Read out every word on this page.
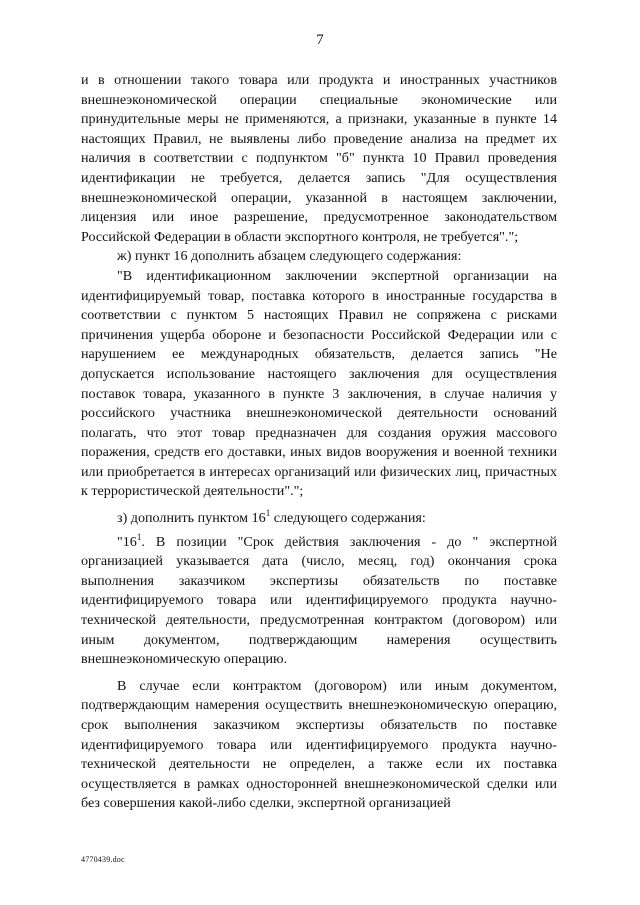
7

и в отношении такого товара или продукта и иностранных участников внешнеэкономической операции специальные экономические или принудительные меры не применяются, а признаки, указанные в пункте 14 настоящих Правил, не выявлены либо проведение анализа на предмет их наличия в соответствии с подпунктом "б" пункта 10 Правил проведения идентификации не требуется, делается запись "Для осуществления внешнеэкономической операции, указанной в настоящем заключении, лицензия или иное разрешение, предусмотренное законодательством Российской Федерации в области экспортного контроля, не требуется".";

ж) пункт 16 дополнить абзацем следующего содержания:

"В идентификационном заключении экспертной организации на идентифицируемый товар, поставка которого в иностранные государства в соответствии с пунктом 5 настоящих Правил не сопряжена с рисками причинения ущерба обороне и безопасности Российской Федерации или с нарушением ее международных обязательств, делается запись "Не допускается использование настоящего заключения для осуществления поставок товара, указанного в пункте 3 заключения, в случае наличия у российского участника внешнеэкономической деятельности оснований полагать, что этот товар предназначен для создания оружия массового поражения, средств его доставки, иных видов вооружения и военной техники или приобретается в интересах организаций или физических лиц, причастных к террористической деятельности".";

з) дополнить пунктом $16^1$ следующего содержания:

"$16^1$. В позиции "Срок действия заключения - до " экспертной организацией указывается дата (число, месяц, год) окончания срока выполнения заказчиком экспертизы обязательств по поставке идентифицируемого товара или идентифицируемого продукта научно-технической деятельности, предусмотренная контрактом (договором) или иным документом, подтверждающим намерения осуществить внешнеэкономическую операцию.

В случае если контрактом (договором) или иным документом, подтверждающим намерения осуществить внешнеэкономическую операцию, срок выполнения заказчиком экспертизы обязательств по поставке идентифицируемого товара или идентифицируемого продукта научно-технической деятельности не определен, а также если их поставка осуществляется в рамках односторонней внешнеэкономической сделки или без совершения какой-либо сделки, экспертной организацией

4770439.doc
